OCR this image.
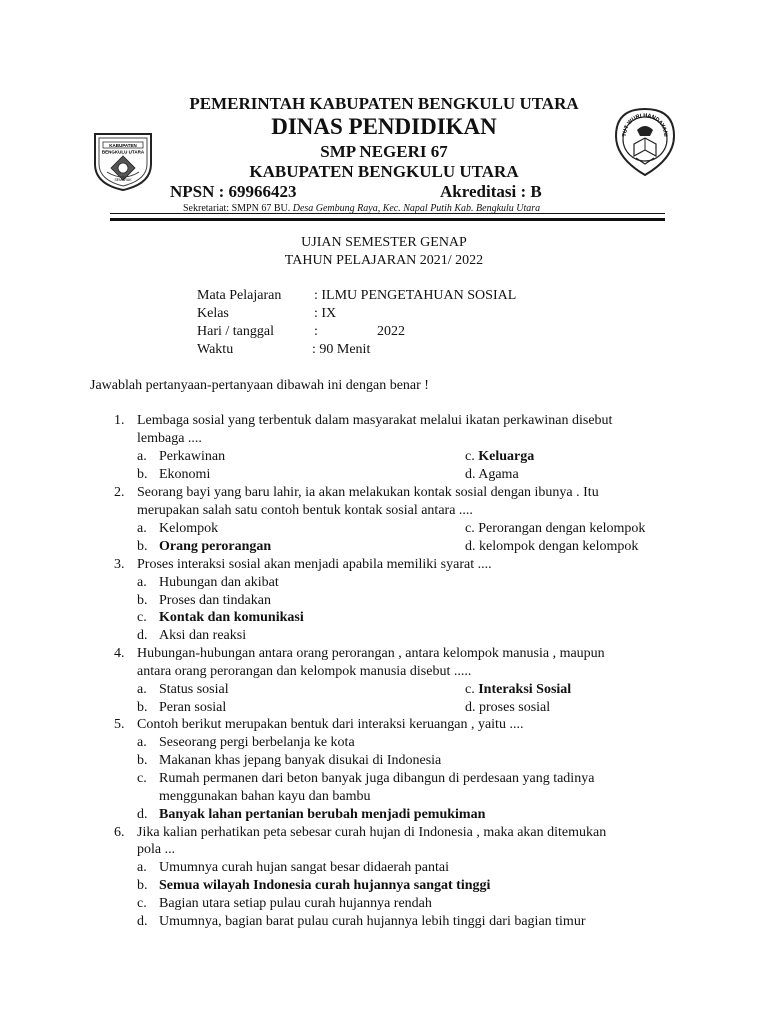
KABUPATEN
BENGKULU UTARA
SEMARAK
TUT WURI HANDAYANI
PEMERINTAH KABUPATEN BENGKULU UTARA
DINAS PENDIDIKAN
SMP NEGERI 67
KABUPATEN BENGKULU UTARA
NPSN : 69966423	Akreditasi : B
Sekretariat: SMPN 67 BU. Desa Gembung Raya, Kec. Napal Putih Kab. Bengkulu Utara
UJIAN SEMESTER GENAP
TAHUN PELAJARAN 2021/ 2022
Mata Pelajaran : ILMU PENGETAHUAN SOSIAL
Kelas	: IX
Hari / tanggal	:	2022
Waktu	: 90 Menit
Jawablah pertanyaan-pertanyaan dibawah ini dengan benar !
1. Lembaga sosial yang terbentuk dalam masyarakat melalui ikatan perkawinan disebut
lembaga ....
a. Perkawinan	c. Keluarga
b. Ekonomi	d. Agama
2. Seorang bayi yang baru lahir, ia akan melakukan kontak sosial dengan ibunya . Itu
merupakan salah satu contoh bentuk kontak sosial antara ....
a. Kelompok	c. Perorangan dengan kelompok
b. Orang perorangan	d. kelompok dengan kelompok
3. Proses interaksi sosial akan menjadi apabila memiliki syarat ....
a. Hubungan dan akibat
b. Proses dan tindakan
c. Kontak dan komunikasi
d. Aksi dan reaksi
4. Hubungan-hubungan antara orang perorangan , antara kelompok manusia , maupun
antara orang perorangan dan kelompok manusia disebut .....
a. Status sosial	c. Interaksi Sosial
b. Peran sosial	d. proses sosial
5. Contoh berikut merupakan bentuk dari interaksi keruangan , yaitu ....
a. Seseorang pergi berbelanja ke kota
b. Makanan khas jepang banyak disukai di Indonesia
c. Rumah permanen dari beton banyak juga dibangun di perdesaan yang tadinya
menggunakan bahan kayu dan bambu
d. Banyak lahan pertanian berubah menjadi pemukiman
6. Jika kalian perhatikan peta sebesar curah hujan di Indonesia , maka akan ditemukan
pola ...
a. Umumnya curah hujan sangat besar didaerah pantai
b. Semua wilayah Indonesia curah hujannya sangat tinggi
c. Bagian utara setiap pulau curah hujannya rendah
d. Umumnya, bagian barat pulau curah hujannya lebih tinggi dari bagian timur
